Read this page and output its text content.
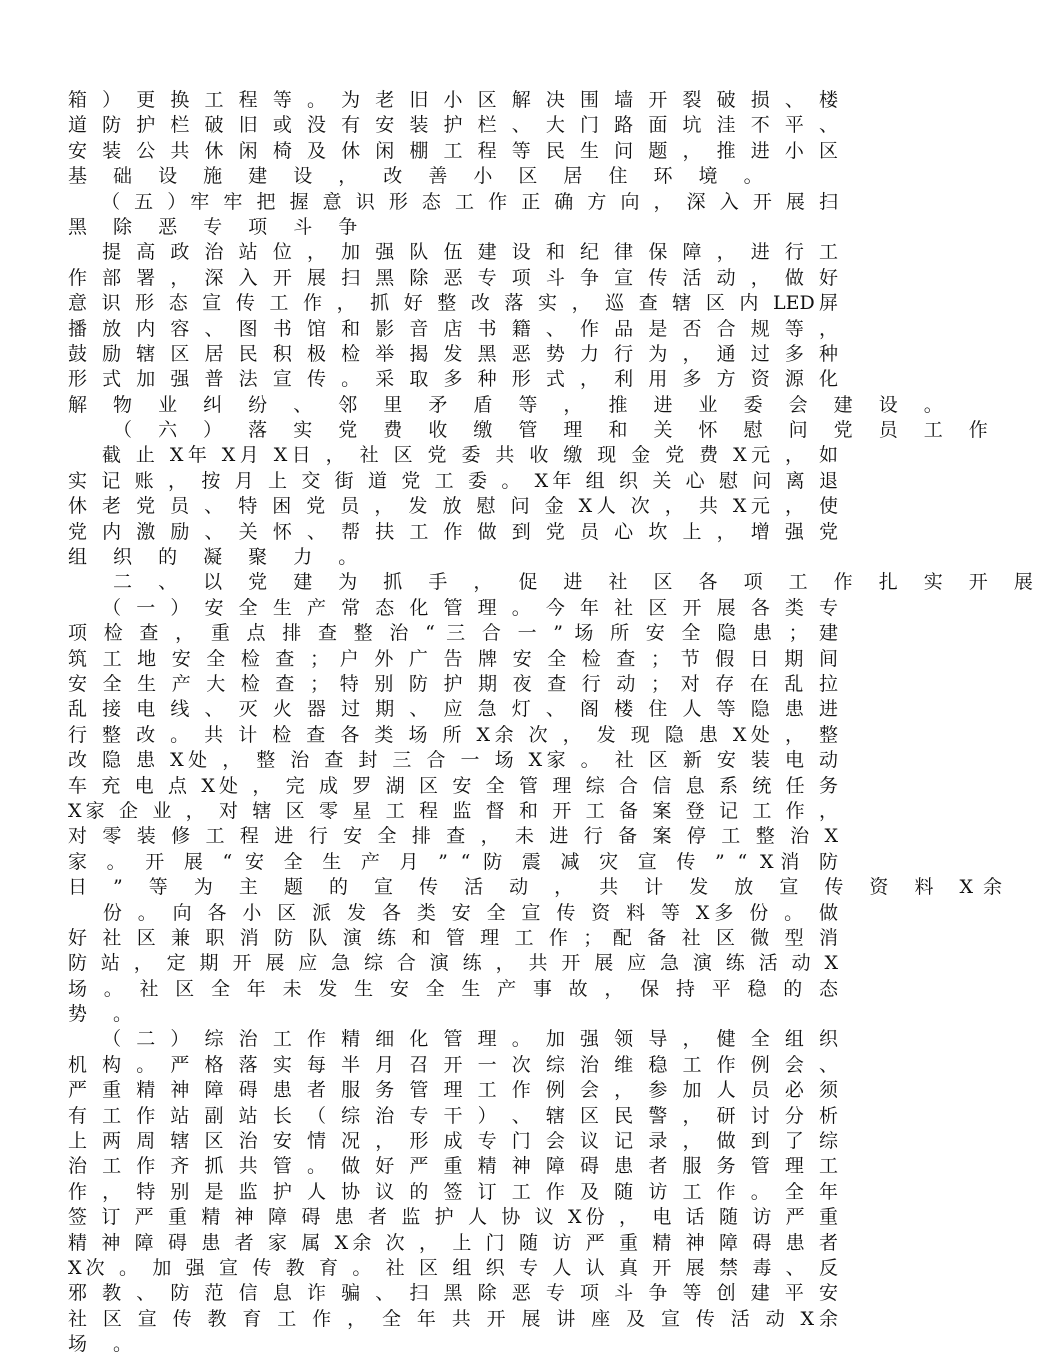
箱 ） 更 换 工 程 等 。 为 老 旧 小 区 解 决 围 墙 开 裂 破 损 、 楼
道 防 护 栏 破 旧 或 没 有 安 装 护 栏 、 大 门 路 面 坑 洼 不 平 、
安 装 公 共 休 闲 椅 及 休 闲 棚 工 程 等 民 生 问 题 ， 推 进 小 区
基 础 设 施 建 设 ， 改 善 小 区 居 住 环 境 。
　 （ 五 ）牢 牢 把 握 意 识 形 态 工 作 正 确 方 向 ， 深 入 开 展 扫
黑 除 恶 专 项 斗 争
　 提 高 政 治 站 位 ， 加 强 队 伍 建 设 和 纪 律 保 障 ， 进 行 工
作 部 署 ， 深 入 开 展 扫 黑 除 恶 专 项 斗 争 宣 传 活 动 ， 做 好
意 识 形 态 宣 传 工 作 ， 抓 好 整 改 落 实 ， 巡 查 辖 区 内 LED屏
播 放 内 容 、 图 书 馆 和 影 音 店 书 籍 、 作 品 是 否 合 规 等 ，
鼓 励 辖 区 居 民 积 极 检 举 揭 发 黑 恶 势 力 行 为 ， 通 过 多 种
形 式 加 强 普 法 宣 传 。 采 取 多 种 形 式 ， 利 用 多 方 资 源 化
解 物 业 纠 纷 、 邻 里 矛 盾 等 ， 推 进 业 委 会 建 设 。
　 （ 六 ） 落 实 党 费 收 缴 管 理 和 关 怀 慰 问 党 员 工 作
　 截 止 X年 X月 X日 ， 社 区 党 委 共 收 缴 现 金 党 费 X元 ， 如
实 记 账 ， 按 月 上 交 街 道 党 工 委 。 X年 组 织 关 心 慰 问 离 退
休 老 党 员 、 特 困 党 员 ， 发 放 慰 问 金 X人 次 ， 共 X元 ， 使
党 内 激 励 、 关 怀 、 帮 扶 工 作 做 到 党 员 心 坎 上 ， 增 强 党
组 织 的 凝 聚 力 。
　 二 、 以 党 建 为 抓 手 ， 促 进 社 区 各 项 工 作 扎 实 开 展
　 （ 一 ） 安 全 生 产 常 态 化 管 理 。 今 年 社 区 开 展 各 类 专
项 检 查 ， 重 点 排 查 整 治 “ 三 合 一 ” 场 所 安 全 隐 患 ； 建
筑 工 地 安 全 检 查 ； 户 外 广 告 牌 安 全 检 查 ； 节 假 日 期 间
安 全 生 产 大 检 查 ； 特 别 防 护 期 夜 查 行 动 ； 对 存 在 乱 拉
乱 接 电 线 、 灭 火 器 过 期 、 应 急 灯 、 阁 楼 住 人 等 隐 患 进
行 整 改 。 共 计 检 查 各 类 场 所 X余 次 ， 发 现 隐 患 X处 ， 整
改 隐 患 X处 ， 整 治 查 封 三 合 一 场 X家 。 社 区 新 安 装 电 动
车 充 电 点 X处 ， 完 成 罗 湖 区 安 全 管 理 综 合 信 息 系 统 任 务
X家 企 业 ， 对 辖 区 零 星 工 程 监 督 和 开 工 备 案 登 记 工 作 ，
对 零 装 修 工 程 进 行 安 全 排 查 ， 未 进 行 备 案 停 工 整 治 X
家 。 开 展 “ 安 全 生 产 月 ” “ 防 震 减 灾 宣 传 ” “ X消 防
日 ” 等 为 主 题 的 宣 传 活 动 ， 共 计 发 放 宣 传 资 料 X余
　 份 。 向 各 小 区 派 发 各 类 安 全 宣 传 资 料 等 X多 份 。 做
好 社 区 兼 职 消 防 队 演 练 和 管 理 工 作 ； 配 备 社 区 微 型 消
防 站 ， 定 期 开 展 应 急 综 合 演 练 ， 共 开 展 应 急 演 练 活 动 X
场 。 社 区 全 年 未 发 生 安 全 生 产 事 故 ， 保 持 平 稳 的 态
势 。
　 （ 二 ） 综 治 工 作 精 细 化 管 理 。 加 强 领 导 ， 健 全 组 织
机 构 。 严 格 落 实 每 半 月 召 开 一 次 综 治 维 稳 工 作 例 会 、
严 重 精 神 障 碍 患 者 服 务 管 理 工 作 例 会 ， 参 加 人 员 必 须
有 工 作 站 副 站 长 （ 综 治 专 干 ） 、 辖 区 民 警 ， 研 讨 分 析
上 两 周 辖 区 治 安 情 况 ， 形 成 专 门 会 议 记 录 ， 做 到 了 综
治 工 作 齐 抓 共 管 。 做 好 严 重 精 神 障 碍 患 者 服 务 管 理 工
作 ， 特 别 是 监 护 人 协 议 的 签 订 工 作 及 随 访 工 作 。 全 年
签 订 严 重 精 神 障 碍 患 者 监 护 人 协 议 X份 ， 电 话 随 访 严 重
精 神 障 碍 患 者 家 属 X余 次 ， 上 门 随 访 严 重 精 神 障 碍 患 者
X次 。 加 强 宣 传 教 育 。 社 区 组 织 专 人 认 真 开 展 禁 毒 、 反
邪 教 、 防 范 信 息 诈 骗 、 扫 黑 除 恶 专 项 斗 争 等 创 建 平 安
社 区 宣 传 教 育 工 作 ， 全 年 共 开 展 讲 座 及 宣 传 活 动 X余
场 。
